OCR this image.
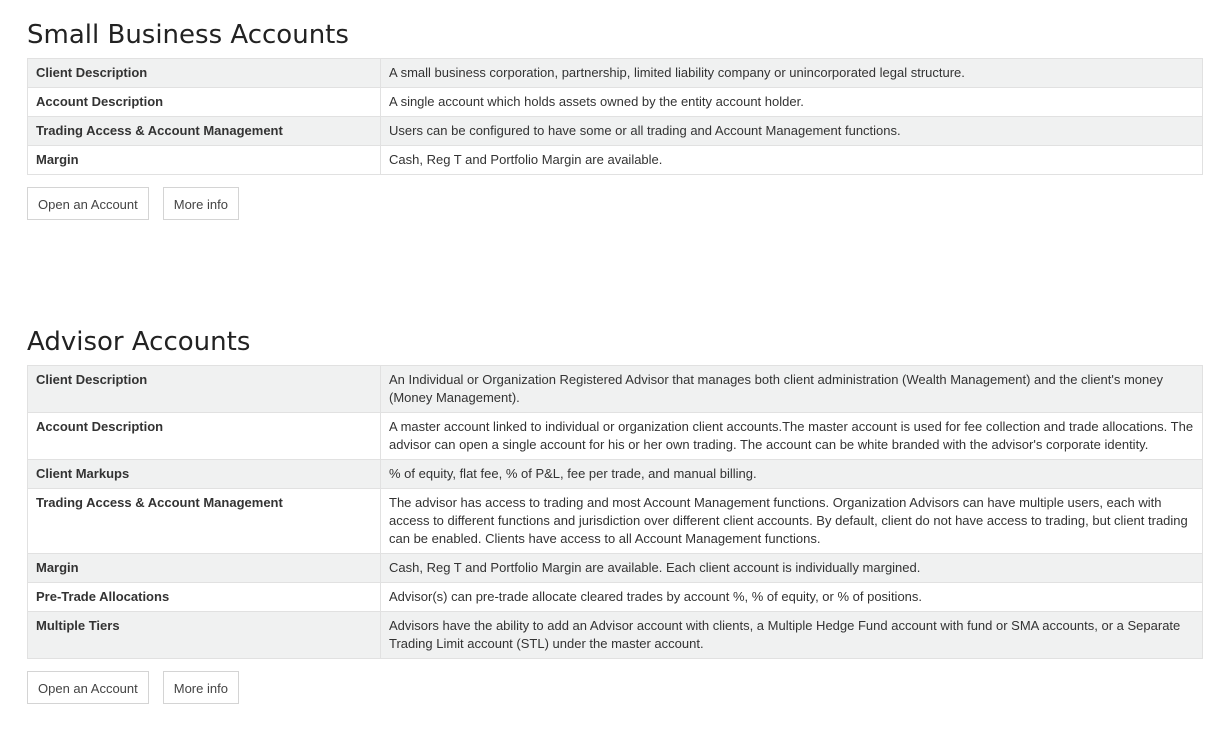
Small Business Accounts
Client Description	A small business corporation, partnership, limited liability company or unincorporated legal structure.
Account Description	A single account which holds assets owned by the entity account holder.
Trading Access & Account Management	Users can be configured to have some or all trading and Account Management functions.
Margin	Cash, Reg T and Portfolio Margin are available.
Open an Account	More info
Advisor Accounts
Client Description	An Individual or Organization Registered Advisor that manages both client administration (Wealth Management) and the client's money (Money Management).
Account Description	A master account linked to individual or organization client accounts.The master account is used for fee collection and trade allocations. The advisor can open a single account for his or her own trading. The account can be white branded with the advisor's corporate identity.
Client Markups	% of equity, flat fee, % of P&L, fee per trade, and manual billing.
Trading Access & Account Management	The advisor has access to trading and most Account Management functions. Organization Advisors can have multiple users, each with access to different functions and jurisdiction over different client accounts. By default, client do not have access to trading, but client trading can be enabled. Clients have access to all Account Management functions.
Margin	Cash, Reg T and Portfolio Margin are available. Each client account is individually margined.
Pre-Trade Allocations	Advisor(s) can pre-trade allocate cleared trades by account %, % of equity, or % of positions.
Multiple Tiers	Advisors have the ability to add an Advisor account with clients, a Multiple Hedge Fund account with fund or SMA accounts, or a Separate Trading Limit account (STL) under the master account.
Open an Account	More info
